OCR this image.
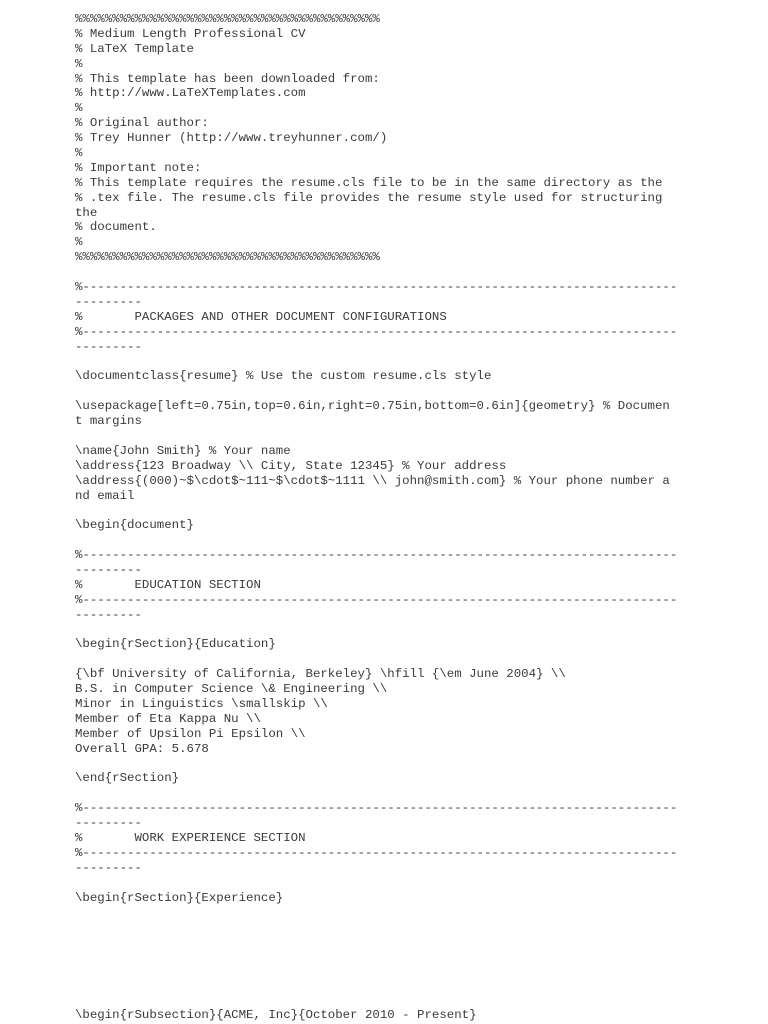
%%%%%%%%%%%%%%%%%%%%%%%%%%%%%%%%%%%%%%%%%
% Medium Length Professional CV
% LaTeX Template
%
% This template has been downloaded from:
% http://www.LaTeXTemplates.com
%
% Original author:
% Trey Hunner (http://www.treyhunner.com/)
%
% Important note:
% This template requires the resume.cls file to be in the same directory as the
% .tex file. The resume.cls file provides the resume style used for structuring
the
% document.
%
%%%%%%%%%%%%%%%%%%%%%%%%%%%%%%%%%%%%%%%%%
%--------------------------------------------------------------------------------
---------
%       PACKAGES AND OTHER DOCUMENT CONFIGURATIONS
%--------------------------------------------------------------------------------
---------
\documentclass{resume} % Use the custom resume.cls style
\usepackage[left=0.75in,top=0.6in,right=0.75in,bottom=0.6in]{geometry} % Documen
t margins
\name{John Smith} % Your name
\address{123 Broadway \\ City, State 12345} % Your address
\address{(000)~$\cdot$~111~$\cdot$~1111 \\ john@smith.com} % Your phone number a
nd email
\begin{document}
%--------------------------------------------------------------------------------
---------
%       EDUCATION SECTION
%--------------------------------------------------------------------------------
---------
\begin{rSection}{Education}
{\bf University of California, Berkeley} \hfill {\em June 2004} \\
B.S. in Computer Science \& Engineering \\
Minor in Linguistics \smallskip \\
Member of Eta Kappa Nu \\
Member of Upsilon Pi Epsilon \\
Overall GPA: 5.678
\end{rSection}
%--------------------------------------------------------------------------------
---------
%       WORK EXPERIENCE SECTION
%--------------------------------------------------------------------------------
---------
\begin{rSection}{Experience}
\begin{rSubsection}{ACME, Inc}{October 2010 - Present}
